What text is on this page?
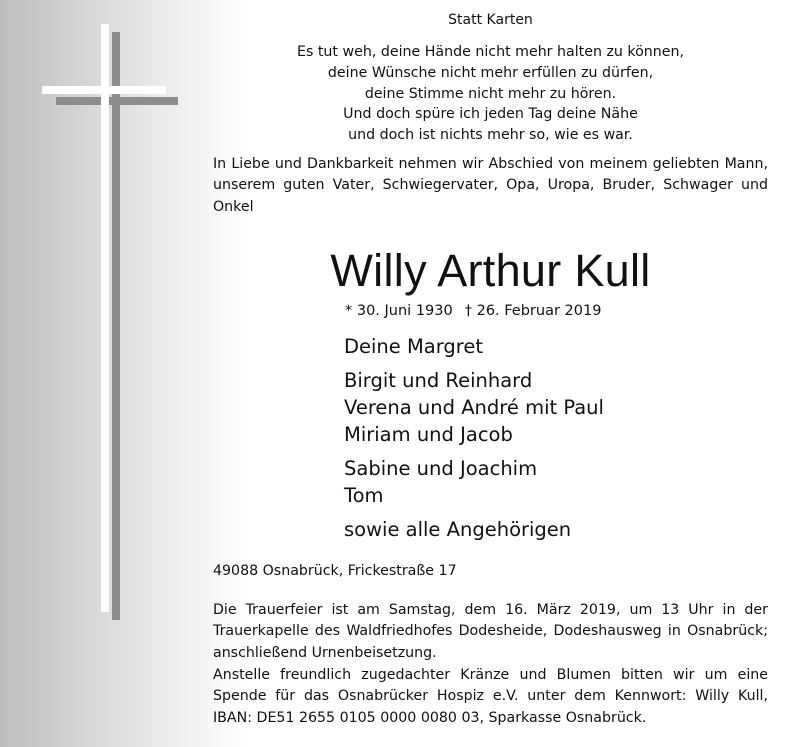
Statt Karten

Es tut weh, deine Hände nicht mehr halten zu können,
deine Wünsche nicht mehr erfüllen zu dürfen,
deine Stimme nicht mehr zu hören.
Und doch spüre ich jeden Tag deine Nähe
und doch ist nichts mehr so, wie es war.

In Liebe und Dankbarkeit nehmen wir Abschied von meinem geliebten Mann, unserem guten Vater, Schwiegervater, Opa, Uropa, Bruder, Schwager und Onkel

Willy Arthur Kull
* 30. Juni 1930 † 26. Februar 2019
Deine Margret
Birgit und Reinhard
Verena und André mit Paul
Miriam und Jacob
Sabine und Joachim
Tom
sowie alle Angehörigen

49088 Osnabrück, Frickestraße 17

Die Trauerfeier ist am Samstag, dem 16. März 2019, um 13 Uhr in der Trauerkapelle des Waldfriedhofes Dodesheide, Dodeshausweg in Osnabrück; anschließend Urnenbeisetzung.

Anstelle freundlich zugedachter Kränze und Blumen bitten wir um eine Spende für das Osnabrücker Hospiz e.V. unter dem Kennwort: Willy Kull, IBAN: DE51 2655 0105 0000 0080 03, Sparkasse Osnabrück.
